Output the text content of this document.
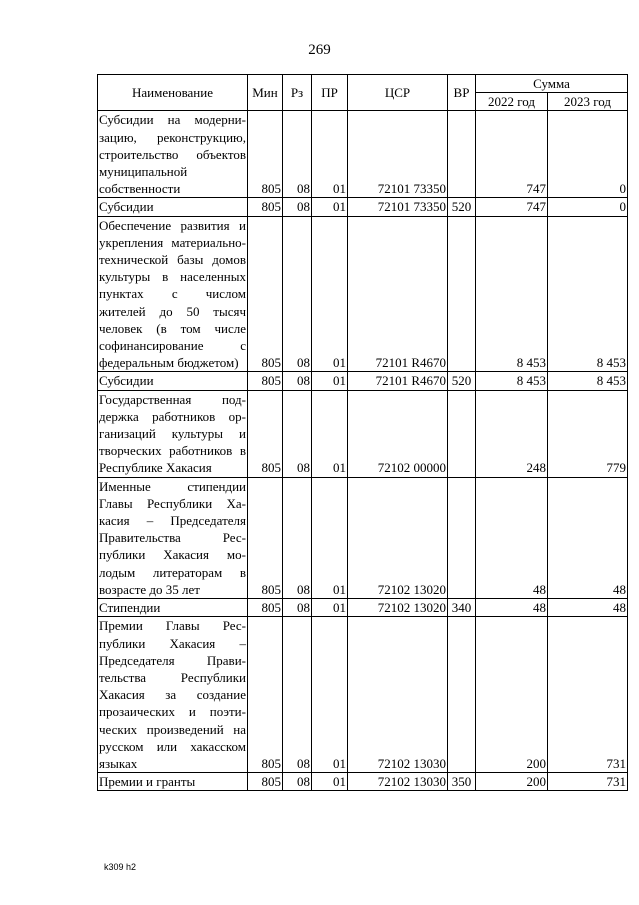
269
Наименование	Мин	Рз	ПР	ЦСР	ВР	Сумма	
						2022 год	2023 год
Субсидии на модернизацию, реконструкцию, строительство объектов муниципальной собственности	805	08	01	72101 73350		747	0
Субсидии	805	08	01	72101 73350	520	747	0
Обеспечение развития и укрепления материально-технической базы домов культуры в населенных пунктах с числом жителей до 50 тысяч человек (в том числе софинансирование с федеральным бюджетом)	805	08	01	72101 R4670		8 453	8 453
Субсидии	805	08	01	72101 R4670	520	8 453	8 453
Государственная поддержка работников организаций культуры и творческих работников в Республике Хакасия	805	08	01	72102 00000		248	779
Именные стипендии Главы Республики Хакасия – Председателя Правительства Республики Хакасия молодым литераторам в возрасте до 35 лет	805	08	01	72102 13020		48	48
Стипендии	805	08	01	72102 13020	340	48	48
Премии Главы Республики Хакасия – Председателя Правительства Республики Хакасия за создание прозаических и поэтических произведений на русском или хакасском языках	805	08	01	72102 13030		200	731
Премии и гранты	805	08	01	72102 13030	350	200	731
k309 h2
